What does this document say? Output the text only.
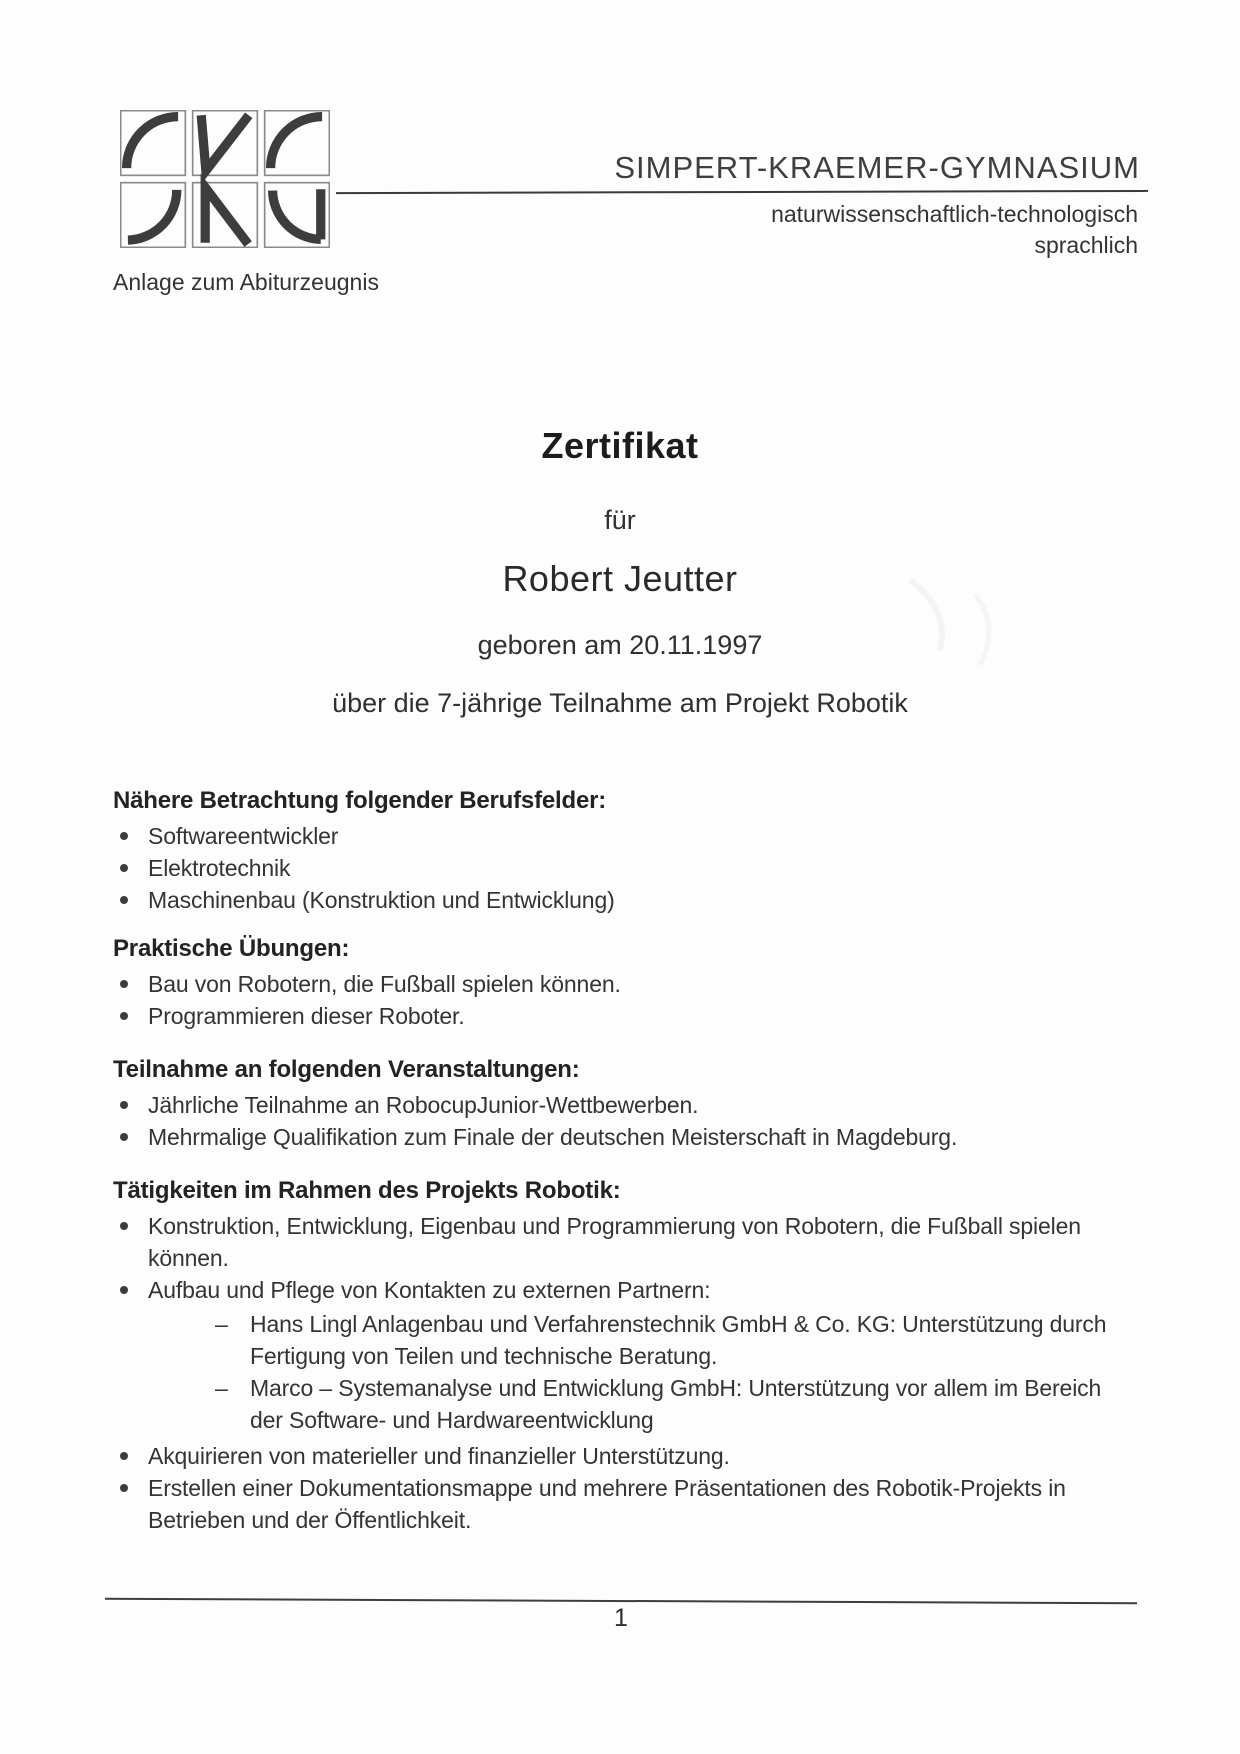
SIMPERT-KRAEMER-GYMNASIUM
naturwissenschaftlich-technologisch
sprachlich
Anlage zum Abiturzeugnis
Zertifikat
für
Robert Jeutter
geboren am 20.11.1997
über die 7-jährige Teilnahme am Projekt Robotik
Nähere Betrachtung folgender Berufsfelder:
Softwareentwickler
Elektrotechnik
Maschinenbau (Konstruktion und Entwicklung)
Praktische Übungen:
Bau von Robotern, die Fußball spielen können.
Programmieren dieser Roboter.
Teilnahme an folgenden Veranstaltungen:
Jährliche Teilnahme an RobocupJunior-Wettbewerben.
Mehrmalige Qualifikation zum Finale der deutschen Meisterschaft in Magdeburg.
Tätigkeiten im Rahmen des Projekts Robotik:
Konstruktion, Entwicklung, Eigenbau und Programmierung von Robotern, die Fußball spielen können.
Aufbau und Pflege von Kontakten zu externen Partnern:
– Hans Lingl Anlagenbau und Verfahrenstechnik GmbH & Co. KG: Unterstützung durch Fertigung von Teilen und technische Beratung.
– Marco – Systemanalyse und Entwicklung GmbH: Unterstützung vor allem im Bereich der Software- und Hardwareentwicklung
Akquirieren von materieller und finanzieller Unterstützung.
Erstellen einer Dokumentationsmappe und mehrere Präsentationen des Robotik-Projekts in Betrieben und der Öffentlichkeit.
1
